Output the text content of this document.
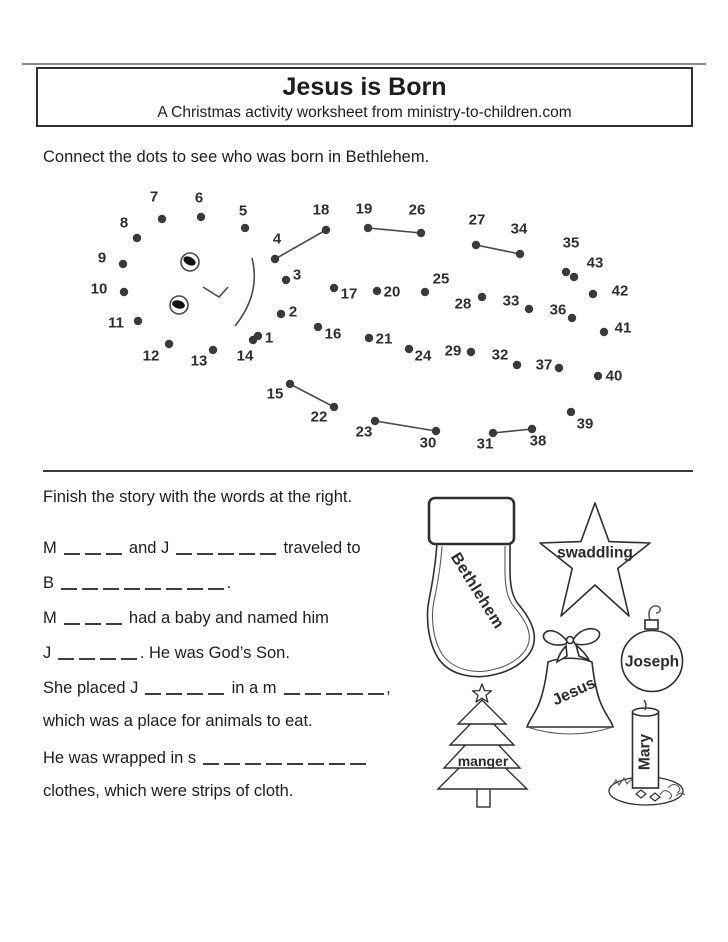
Jesus is Born
A Christmas activity worksheet from ministry-to-children.com
Connect the dots to see who was born in Bethlehem.
1
2
3
4
5
6
7
8
9
10
11
12 13 14
15
16
17
18 19
20
21
22
23
24
25
26
27
28
29
30	31
32
33
34
35
36
37
38
39
40
41
42
43
Finish the story with the words at the right.
M	and J	traveled to
B	.
M	had a baby and named him
J	. He was God’s Son.
She placed J	in a m	,
which was a place for animals to eat.
He was wrapped in s
clothes, which were strips of cloth.
Bethlehem	swaddling
Jesus
Joseph
manger	Mary
